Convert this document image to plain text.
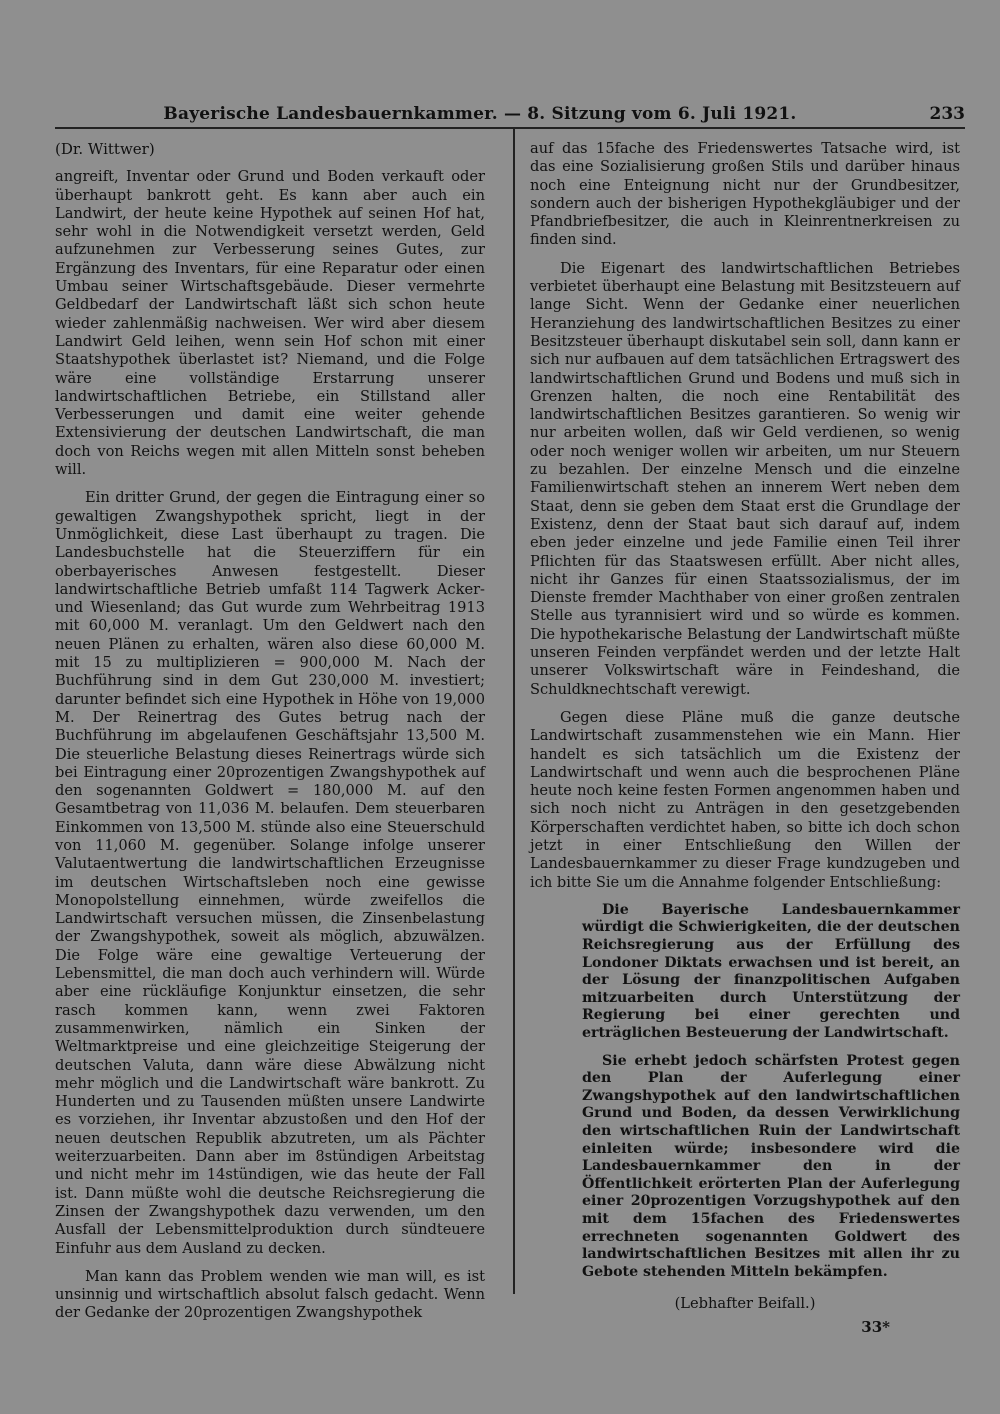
Bayerische Landesbauernkammer. — 8. Sitzung vom 6. Juli 1921.	233

(Dr. Wittwer)

angreift, Inventar oder Grund und Boden verkauft oder überhaupt bankrott geht. Es kann aber auch ein Landwirt, der heute keine Hypothek auf seinen Hof hat, sehr wohl in die Notwendigkeit versetzt werden, Geld aufzunehmen zur Verbesserung seines Gutes, zur Ergänzung des Inventars, für eine Reparatur oder einen Umbau seiner Wirtschaftsgebäude. Dieser vermehrte Geldbedarf der Landwirtschaft läßt sich schon heute wieder zahlenmäßig nachweisen. Wer wird aber diesem Landwirt Geld leihen, wenn sein Hof schon mit einer Staatshypothek überlastet ist? Niemand, und die Folge wäre eine vollständige Erstarrung unserer landwirtschaftlichen Betriebe, ein Stillstand aller Verbesserungen und damit eine weiter gehende Extensivierung der deutschen Landwirtschaft, die man doch von Reichs wegen mit allen Mitteln sonst beheben will.

Ein dritter Grund, der gegen die Eintragung einer so gewaltigen Zwangshypothek spricht, liegt in der Unmöglichkeit, diese Last überhaupt zu tragen. Die Landesbuchstelle hat die Steuerziffern für ein oberbayerisches Anwesen festgestellt. Dieser landwirtschaftliche Betrieb umfaßt 114 Tagwerk Acker- und Wiesenland; das Gut wurde zum Wehrbeitrag 1913 mit 60,000 M. veranlagt. Um den Geldwert nach den neuen Plänen zu erhalten, wären also diese 60,000 M. mit 15 zu multiplizieren = 900,000 M. Nach der Buchführung sind in dem Gut 230,000 M. investiert; darunter befindet sich eine Hypothek in Höhe von 19,000 M. Der Reinertrag des Gutes betrug nach der Buchführung im abgelaufenen Geschäftsjahr 13,500 M. Die steuerliche Belastung dieses Reinertrags würde sich bei Eintragung einer 20prozentigen Zwangshypothek auf den sogenannten Goldwert = 180,000 M. auf den Gesamtbetrag von 11,036 M. belaufen. Dem steuerbaren Einkommen von 13,500 M. stünde also eine Steuerschuld von 11,060 M. gegenüber. Solange infolge unserer Valutaentwertung die landwirtschaftlichen Erzeugnisse im deutschen Wirtschaftsleben noch eine gewisse Monopolstellung einnehmen, würde zweifellos die Landwirtschaft versuchen müssen, die Zinsenbelastung der Zwangshypothek, soweit als möglich, abzuwälzen. Die Folge wäre eine gewaltige Verteuerung der Lebensmittel, die man doch auch verhindern will. Würde aber eine rückläufige Konjunktur einsetzen, die sehr rasch kommen kann, wenn zwei Faktoren zusammenwirken, nämlich ein Sinken der Weltmarktpreise und eine gleichzeitige Steigerung der deutschen Valuta, dann wäre diese Abwälzung nicht mehr möglich und die Landwirtschaft wäre bankrott. Zu Hunderten und zu Tausenden müßten unsere Landwirte es vorziehen, ihr Inventar abzustoßen und den Hof der neuen deutschen Republik abzutreten, um als Pächter weiterzuarbeiten. Dann aber im 8stündigen Arbeitstag und nicht mehr im 14stündigen, wie das heute der Fall ist. Dann müßte wohl die deutsche Reichsregierung die Zinsen der Zwangshypothek dazu verwenden, um den Ausfall der Lebensmittelproduktion durch sündteuere Einfuhr aus dem Ausland zu decken.

Man kann das Problem wenden wie man will, es ist unsinnig und wirtschaftlich absolut falsch gedacht. Wenn der Gedanke der 20prozentigen Zwangshypothek

auf das 15fache des Friedenswertes Tatsache wird, ist das eine Sozialisierung großen Stils und darüber hinaus noch eine Enteignung nicht nur der Grundbesitzer, sondern auch der bisherigen Hypothekgläubiger und der Pfandbriefbesitzer, die auch in Kleinrentnerkreisen zu finden sind.

Die Eigenart des landwirtschaftlichen Betriebes verbietet überhaupt eine Belastung mit Besitzsteuern auf lange Sicht. Wenn der Gedanke einer neuerlichen Heranziehung des landwirtschaftlichen Besitzes zu einer Besitzsteuer überhaupt diskutabel sein soll, dann kann er sich nur aufbauen auf dem tatsächlichen Ertragswert des landwirtschaftlichen Grund und Bodens und muß sich in Grenzen halten, die noch eine Rentabilität des landwirtschaftlichen Besitzes garantieren. So wenig wir nur arbeiten wollen, daß wir Geld verdienen, so wenig oder noch weniger wollen wir arbeiten, um nur Steuern zu bezahlen. Der einzelne Mensch und die einzelne Familienwirtschaft stehen an innerem Wert neben dem Staat, denn sie geben dem Staat erst die Grundlage der Existenz, denn der Staat baut sich darauf auf, indem eben jeder einzelne und jede Familie einen Teil ihrer Pflichten für das Staatswesen erfüllt. Aber nicht alles, nicht ihr Ganzes für einen Staatssozialismus, der im Dienste fremder Machthaber von einer großen zentralen Stelle aus tyrannisiert wird und so würde es kommen. Die hypothekarische Belastung der Landwirtschaft müßte unseren Feinden verpfändet werden und der letzte Halt unserer Volkswirtschaft wäre in Feindeshand, die Schuldknechtschaft verewigt.

Gegen diese Pläne muß die ganze deutsche Landwirtschaft zusammenstehen wie ein Mann. Hier handelt es sich tatsächlich um die Existenz der Landwirtschaft und wenn auch die besprochenen Pläne heute noch keine festen Formen angenommen haben und sich noch nicht zu Anträgen in den gesetzgebenden Körperschaften verdichtet haben, so bitte ich doch schon jetzt in einer Entschließung den Willen der Landesbauernkammer zu dieser Frage kundzugeben und ich bitte Sie um die Annahme folgender Entschließung:

Die Bayerische Landesbauernkammer würdigt die Schwierigkeiten, die der deutschen Reichsregierung aus der Erfüllung des Londoner Diktats erwachsen und ist bereit, an der Lösung der finanzpolitischen Aufgaben mitzuarbeiten durch Unterstützung der Regierung bei einer gerechten und erträglichen Besteuerung der Landwirtschaft.

Sie erhebt jedoch schärfsten Protest gegen den Plan der Auferlegung einer Zwangshypothek auf den landwirtschaftlichen Grund und Boden, da dessen Verwirklichung den wirtschaftlichen Ruin der Landwirtschaft einleiten würde; insbesondere wird die Landesbauernkammer den in der Öffentlichkeit erörterten Plan der Auferlegung einer 20prozentigen Vorzugshypothek auf den mit dem 15fachen des Friedenswertes errechneten sogenannten Goldwert des landwirtschaftlichen Besitzes mit allen ihr zu Gebote stehenden Mitteln bekämpfen.

(Lebhafter Beifall.)
33*
